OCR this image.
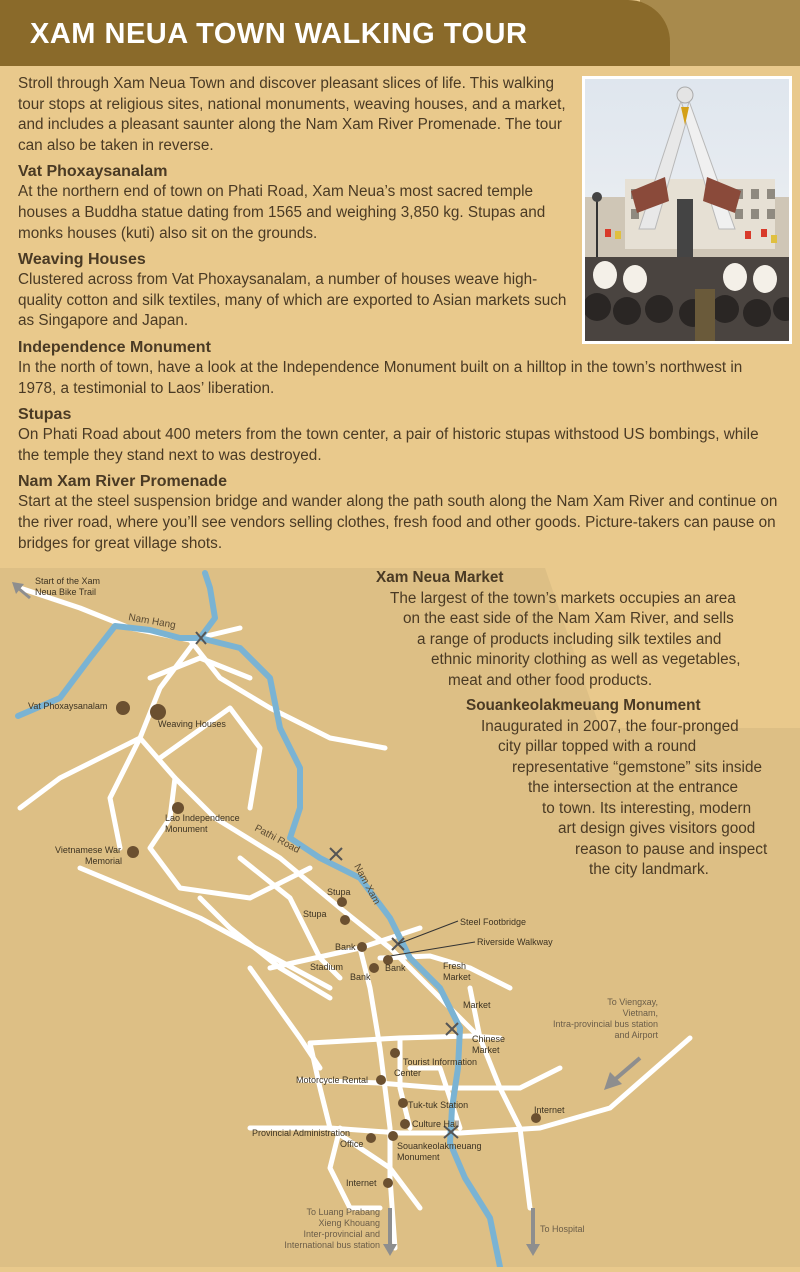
XAM NEUA TOWN WALKING TOUR

Stroll through Xam Neua Town and discover pleasant slices of life. This walking tour stops at religious sites, national monuments, weaving houses, and a market, and includes a pleasant saunter along the Nam Xam River Promenade. The tour can also be taken in reverse.

Vat Phoxaysanalam

At the northern end of town on Phati Road, Xam Neua’s most sacred temple houses a Buddha statue dating from 1565 and weighing 3,850 kg. Stupas and monks houses (kuti) also sit on the grounds.

Weaving Houses

Clustered across from Vat Phoxaysanalam, a number of houses weave high-quality cotton and silk textiles, many of which are exported to Asian markets such as Singapore and Japan.

Independence Monument

In the north of town, have a look at the Independence Monument built on a hilltop in the town’s northwest in 1978, a testimonial to Laos’ liberation.

Stupas

On Phati Road about 400 meters from the town center, a pair of historic stupas withstood US bombings, while the temple they stand next to was destroyed.

Nam Xam River Promenade

Start at the steel suspension bridge and wander along the path south along the Nam Xam River and continue on the river road, where you’ll see vendors selling clothes, fresh food and other goods. Picture-takers can pause on bridges for great village shots.

Start of the Xam
Neua Bike Trail
Nam Hang
Vat Phoxaysanalam
Weaving Houses
Lao Independence
Monument
Vietnamese War
Memorial
Pathi Road
Nam Xam
Stupa
Stupa
Steel Footbridge
Riverside Walkway
Bank
Stadium	Bank
Bank
Fresh
Market
Market
Chinese
Market
Tourist Information
Center
Motorcycle Rental
Tuk-tuk Station
Culture Hall
Provincial Administration
Office	Souankeolakmeuang
Monument
Internet
Internet
To Viengxay,
Vietnam,
Intra-provincial bus station
and Airport
To Luang Prabang
Xieng Khouang
Inter-provincial and
International bus station
To Hospital
Xam Neua Market
The largest of the town’s markets occupies an area
on the east side of the Nam Xam River, and sells
a range of products including silk textiles and
ethnic minority clothing as well as vegetables,
meat and other food products.
Souankeolakmeuang Monument
Inaugurated in 2007, the four-pronged
city pillar topped with a round
representative “gemstone” sits inside
the intersection at the entrance
to town. Its interesting, modern
art design gives visitors good
reason to pause and inspect
the city landmark.
